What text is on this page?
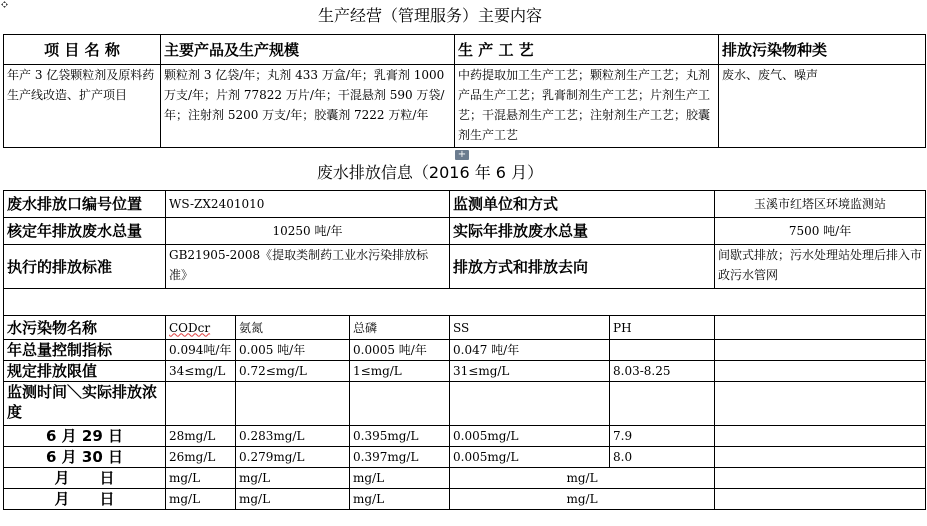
生产经营（管理服务）主要内容
项 目 名 称	主要产品及生产规模	生 产 工 艺	排放污染物种类
年产 3 亿袋颗粒剂及原料药生产线改造、扩产项目	颗粒剂 3 亿袋/年；丸剂 433 万盒/年；乳膏剂 1000 万支/年；片剂 77822 万片/年；干混悬剂 590 万袋/年；注射剂 5200 万支/年；胶囊剂 7222 万粒/年	中药提取加工生产工艺；颗粒剂生产工艺；丸剂产品生产工艺；乳膏制剂生产工艺；片剂生产工艺；干混悬剂生产工艺；注射剂生产工艺；胶囊剂生产工艺	废水、废气、噪声
+
废水排放信息（2016 年 6 月）
废水排放口编号位置	WS-ZX2401010			监测单位和方式		玉溪市红塔区环境监测站
核定年排放废水总量	10250 吨/年			实际年排放废水总量		7500 吨/年
执行的排放标准	GB21905-2008《提取类制药工业水污染排放标准》			排放方式和排放去向		间歇式排放；污水处理站处理后排入市政污水管网

水污染物名称	CODcr	氨氮	总磷	SS	PH	
年总量控制指标	0.094吨/年	0.005 吨/年	0.0005 吨/年	0.047 吨/年		
规定排放限值	34≤mg/L	0.72≤mg/L	1≤mg/L	31≤mg/L	8.03-8.25	
监测时间＼实际排放浓度						
6 月 29 日	28mg/L	0.283mg/L	0.395mg/L	0.005mg/L	7.9	
6 月 30 日	26mg/L	0.279mg/L	0.397mg/L	0.005mg/L	8.0	
月　　日	mg/L	mg/L	mg/L	mg/L		
月　　日	mg/L	mg/L	mg/L	mg/L		
